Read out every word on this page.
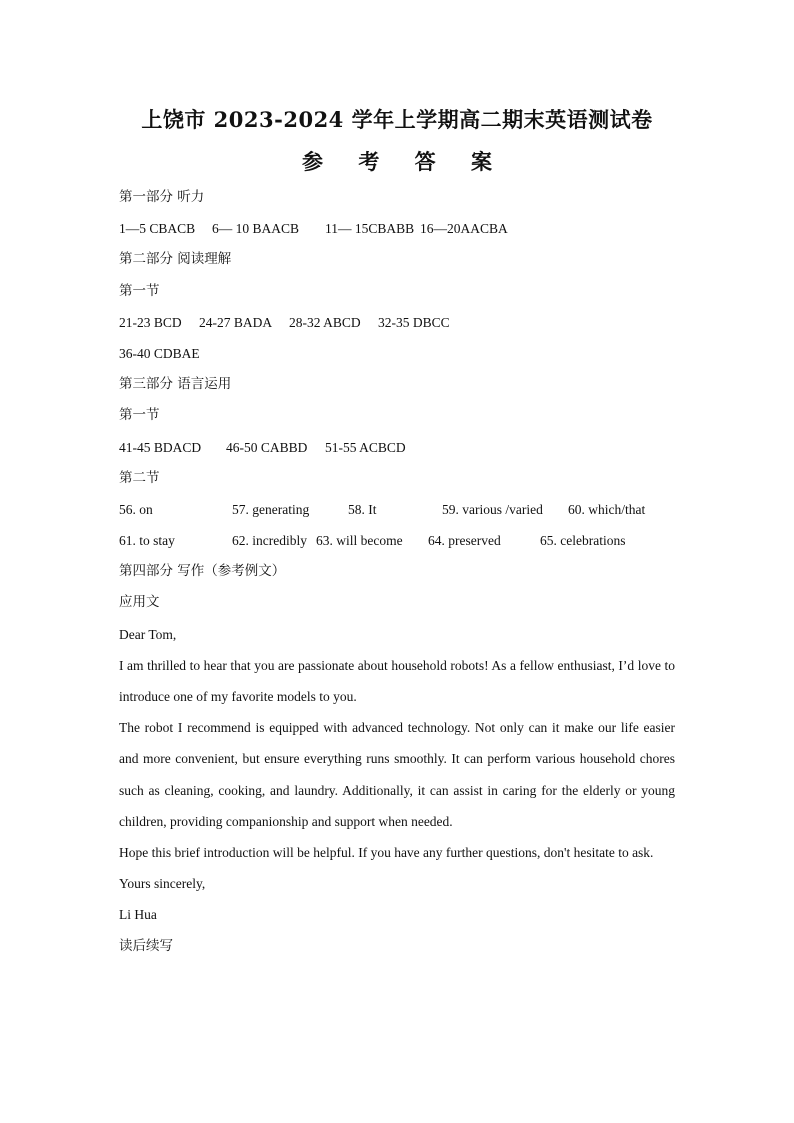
上饶市 2023-2024 学年上学期高二期末英语测试卷
参 考 答 案
第一部分 听力
1—5 CBACB 6— 10 BAACB 11— 15CBABB 16—20AACBA
第二部分 阅读理解
第一节
21-23 BCD 24-27 BADA 28-32 ABCD 32-35 DBCC
36-40 CDBAE
第三部分 语言运用
第一节
41-45 BDACD 46-50 CABBD 51-55 ACBCD
第二节
56. on	57. generating	58. It	59. various /varied 60. which/that
61. to stay	62. incredibly 63. will become 64. preserved	65. celebrations
第四部分 写作（参考例文）
应用文
Dear Tom,
I am thrilled to hear that you are passionate about household robots! As a fellow enthusiast, I’d love to introduce one of my favorite models to you.
The robot I recommend is equipped with advanced technology. Not only can it make our life easier and more convenient, but ensure everything runs smoothly. It can perform various household chores such as cleaning, cooking, and laundry. Additionally, it can assist in caring for the elderly or young children, providing companionship and support when needed.
Hope this brief introduction will be helpful. If you have any further questions, don't hesitate to ask.
Yours sincerely,
Li Hua
读后续写
